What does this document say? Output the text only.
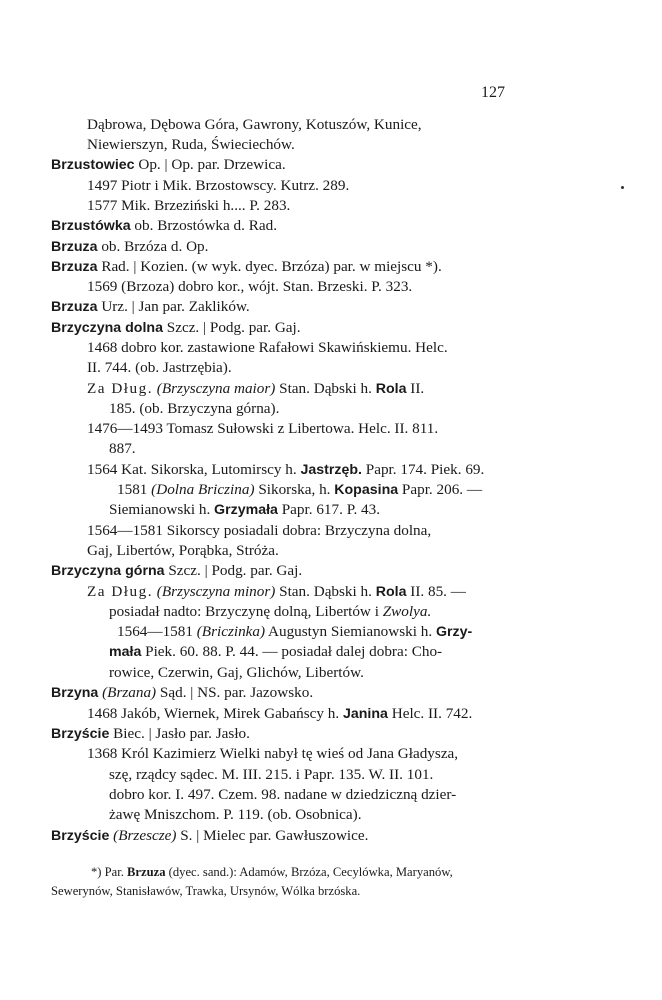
127
Dąbrowa, Dębowa Góra, Gawrony, Kotuszów, Kunice,
Niewierszyn, Ruda, Świeciechów.
Brzustowiec Op. | Op. par. Drzewica.
1497 Piotr i Mik. Brzostowscy. Kutrz. 289.
1577 Mik. Brzeziński h.... P. 283.
Brzustówka ob. Brzostówka d. Rad.
Brzuza ob. Brzóza d. Op.
Brzuza Rad. | Kozien. (w wyk. dyec. Brzóza) par. w miejscu *).
1569 (Brzoza) dobro kor., wójt. Stan. Brzeski. P. 323.
Brzuza Urz. | Jan par. Zaklików.
Brzyczyna dolna Szcz. | Podg. par. Gaj.
1468 dobro kor. zastawione Rafałowi Skawińskiemu. Helc.
II. 744. (ob. Jastrzębia).
Za Dług. (Brzysczyna maior) Stan. Dąbski h. Rola II.
185. (ob. Brzyczyna górna).
1476—1493 Tomasz Sułowski z Libertowa. Helc. II. 811.
887.
1564 Kat. Sikorska, Lutomirscy h. Jastrzęb. Papr. 174. Piek. 69.
1581 (Dolna Briczina) Sikorska, h. Kopasina Papr. 206. —
Siemianowski h. Grzymała Papr. 617. P. 43.
1564—1581 Sikorscy posiadali dobra: Brzyczyna dolna,
Gaj, Libertów, Porąbka, Stróża.
Brzyczyna górna Szcz. | Podg. par. Gaj.
Za Dług. (Brzysczyna minor) Stan. Dąbski h. Rola II. 85. —
posiadał nadto: Brzyczynę dolną, Libertów i Zwolya.
1564—1581 (Briczinka) Augustyn Siemianowski h. Grzy-
mała Piek. 60. 88. P. 44. — posiadał dalej dobra: Cho-
rowice, Czerwin, Gaj, Glichów, Libertów.
Brzyna (Brzana) Sąd. | NS. par. Jazowsko.
1468 Jakób, Wiernek, Mirek Gabańscy h. Janina Helc. II. 742.
Brzyście Biec. | Jasło par. Jasło.
1368 Król Kazimierz Wielki nabył tę wieś od Jana Gładysza,
szę, rządcy sądec. M. III. 215. i Papr. 135. W. II. 101.
dobro kor. I. 497. Czem. 98. nadane w dziedziczną dzier-
żawę Mniszchom. P. 119. (ob. Osobnica).
Brzyście (Brzescze) S. | Mielec par. Gawłuszowice.
*) Par. Brzuza (dyec. sand.): Adamów, Brzóza, Cecylówka, Maryanów,
Sewerynów, Stanisławów, Trawka, Ursynów, Wólka brzóska.
